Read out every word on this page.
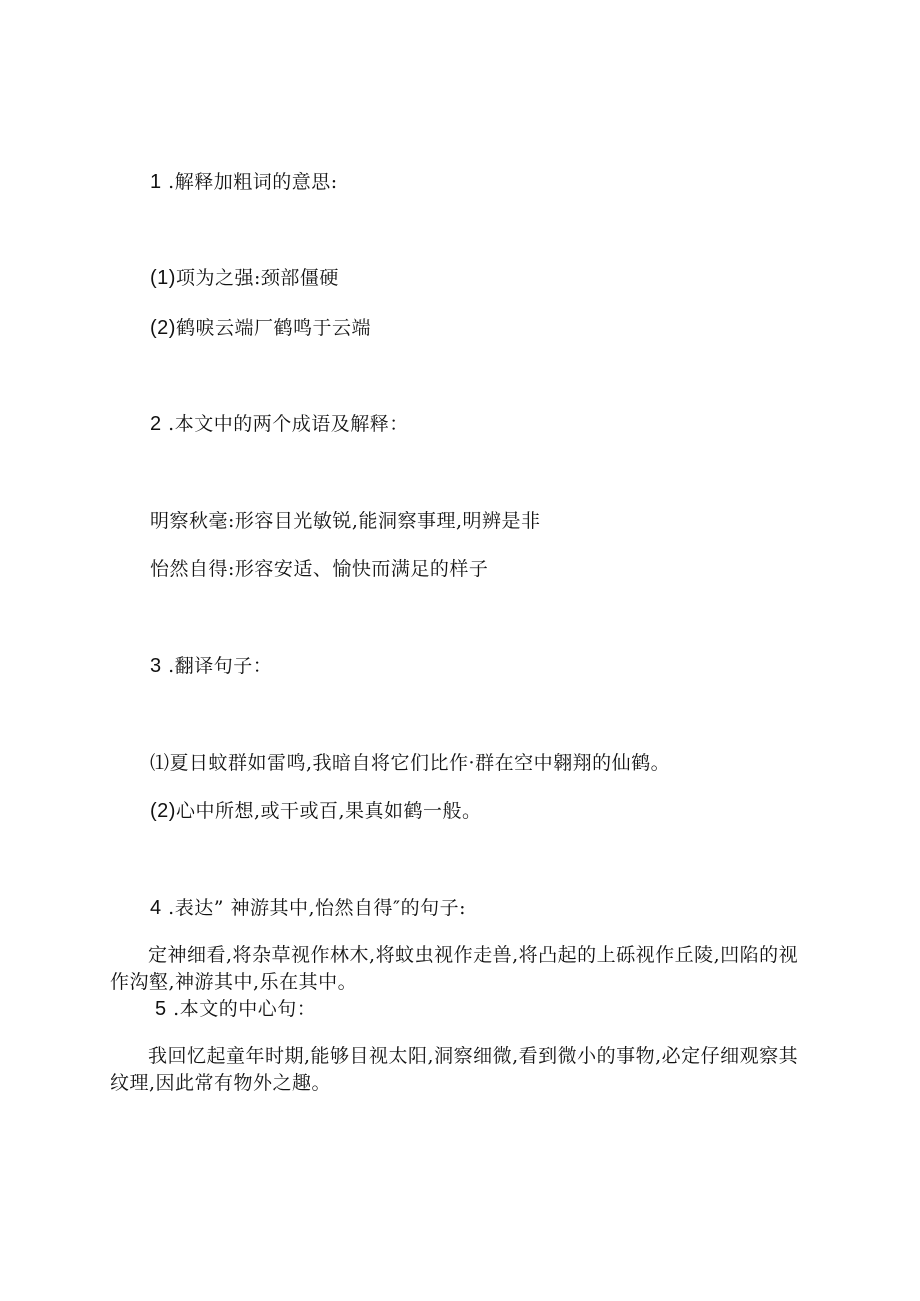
1 .解释加粗词的意思:
(1)项为之强:颈部僵硬
(2)鹤唳云端厂鹤鸣于云端
2 .本文中的两个成语及解释：
明察秋毫:形容目光敏锐,能洞察事理,明辨是非
怡然自得:形容安适、愉快而满足的样子
3 .翻译句子：
⑴夏日蚊群如雷鸣,我暗自将它们比作·群在空中翱翔的仙鹤。
(2)心中所想,或干或百,果真如鹤一般。
4 .表达” 神游其中,怡然自得″的句子:
定神细看,将杂草视作林木,将蚊虫视作走兽,将凸起的上砾视作丘陵,凹陷的视作沟壑,神游其中,乐在其中。
5 .本文的中心句：
我回忆起童年时期,能够目视太阳,洞察细微,看到微小的事物,必定仔细观察其纹理,因此常有物外之趣。
